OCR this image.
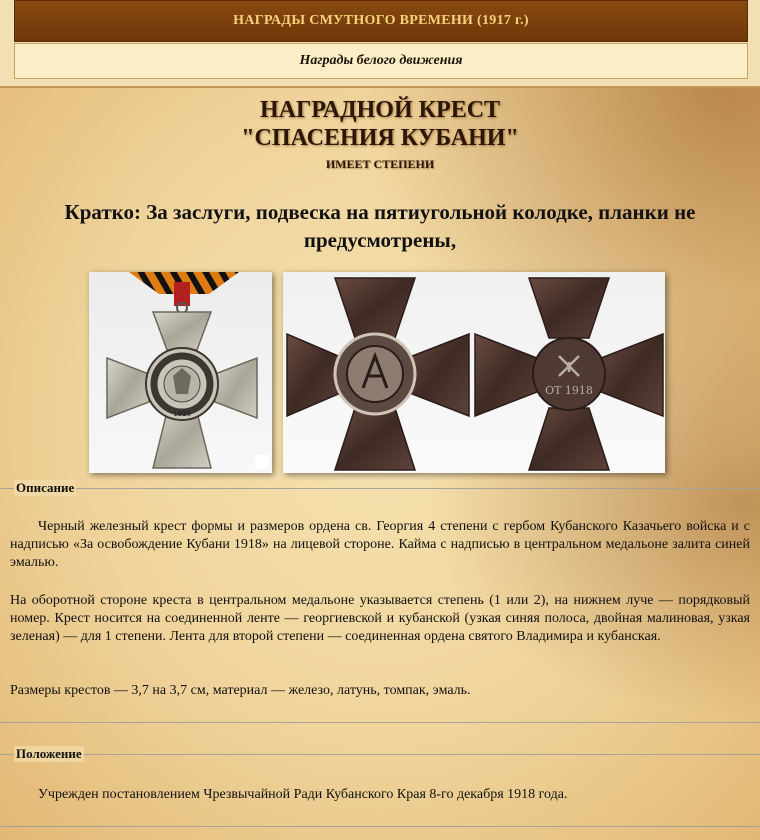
НАГРАДЫ СМУТНОГО ВРЕМЕНИ (1917 г.)
Награды белого движения
НАГРАДНОЙ КРЕСТ
"СПАСЕНИЯ КУБАНИ"
ИМЕЕТ СТЕПЕНИ
Кратко: За заслуги, подвеска на пятиугольной колодке, планки не предусмотрены,
1918
ОТ 1918
Описание

Черный железный крест формы и размеров ордена св. Георгия 4 степени с гербом Кубанского Казачьего войска и с надписью «За освобождение Кубани 1918» на лицевой стороне. Кайма с надписью в центральном медальоне залита синей эмалью.

На оборотной стороне креста в центральном медальоне указывается степень (1 или 2), на нижнем луче — порядковый номер. Крест носится на соединенной ленте — георгиевской и кубанской (узкая синяя полоса, двойная малиновая, узкая зеленая) — для 1 степени. Лента для второй степени — соединенная ордена святого Владимира и кубанская.

Размеры крестов — 3,7 на 3,7 см, материал — железо, латунь, томпак, эмаль.

Положение

Учрежден постановлением Чрезвычайной Ради Кубанского Края 8-го декабря 1918 года.
